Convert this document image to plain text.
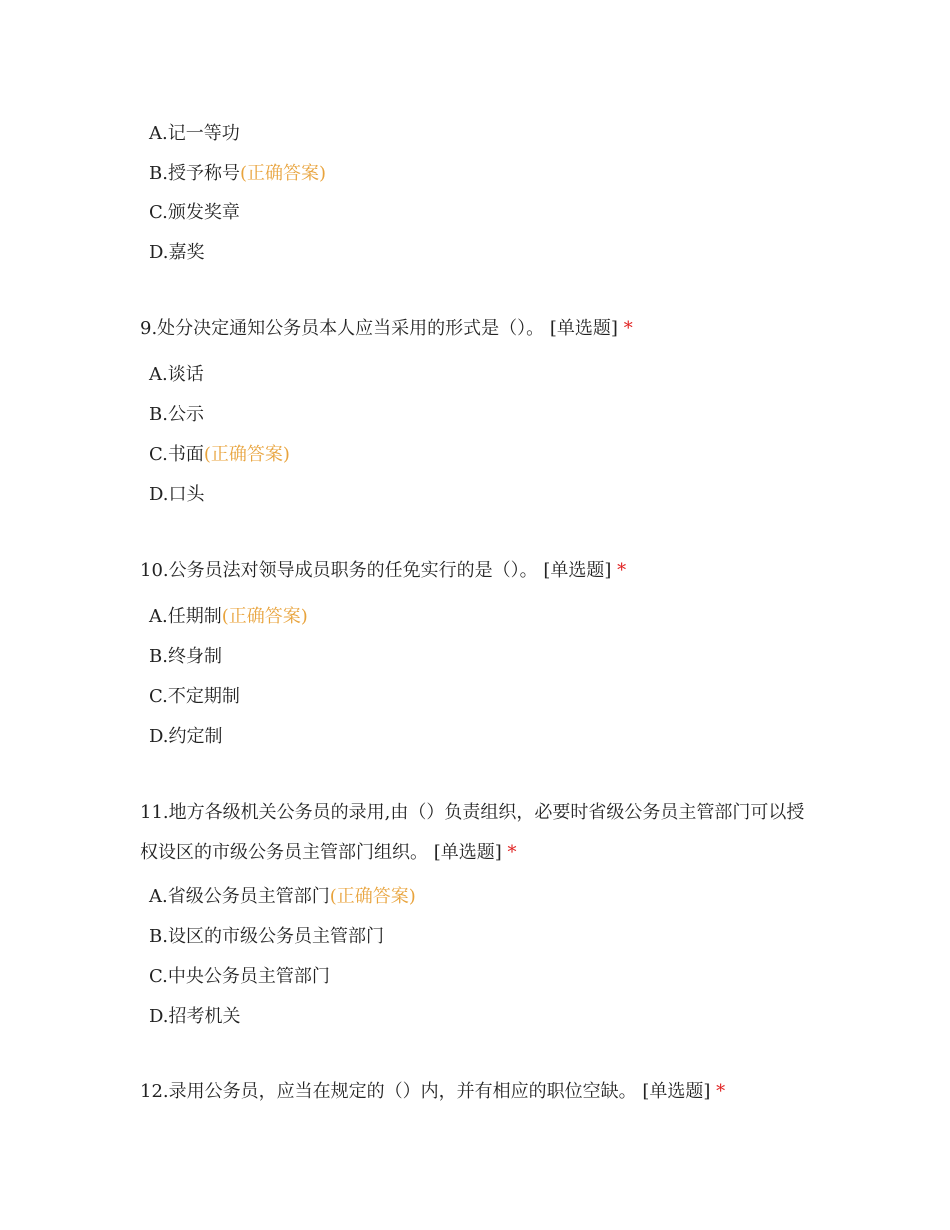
A.记一等功
B.授予称号(正确答案)
C.颁发奖章
D.嘉奖
9.处分决定通知公务员本人应当采用的形式是（）。 [单选题] *
A.谈话
B.公示
C.书面(正确答案)
D.口头
10.公务员法对领导成员职务的任免实行的是（）。 [单选题] *
A.任期制(正确答案)
B.终身制
C.不定期制
D.约定制
11.地方各级机关公务员的录用,由（）负责组织，必要时省级公务员主管部门可以授权设区的市级公务员主管部门组织。 [单选题] *
A.省级公务员主管部门(正确答案)
B.设区的市级公务员主管部门
C.中央公务员主管部门
D.招考机关
12.录用公务员，应当在规定的（）内，并有相应的职位空缺。 [单选题] *
